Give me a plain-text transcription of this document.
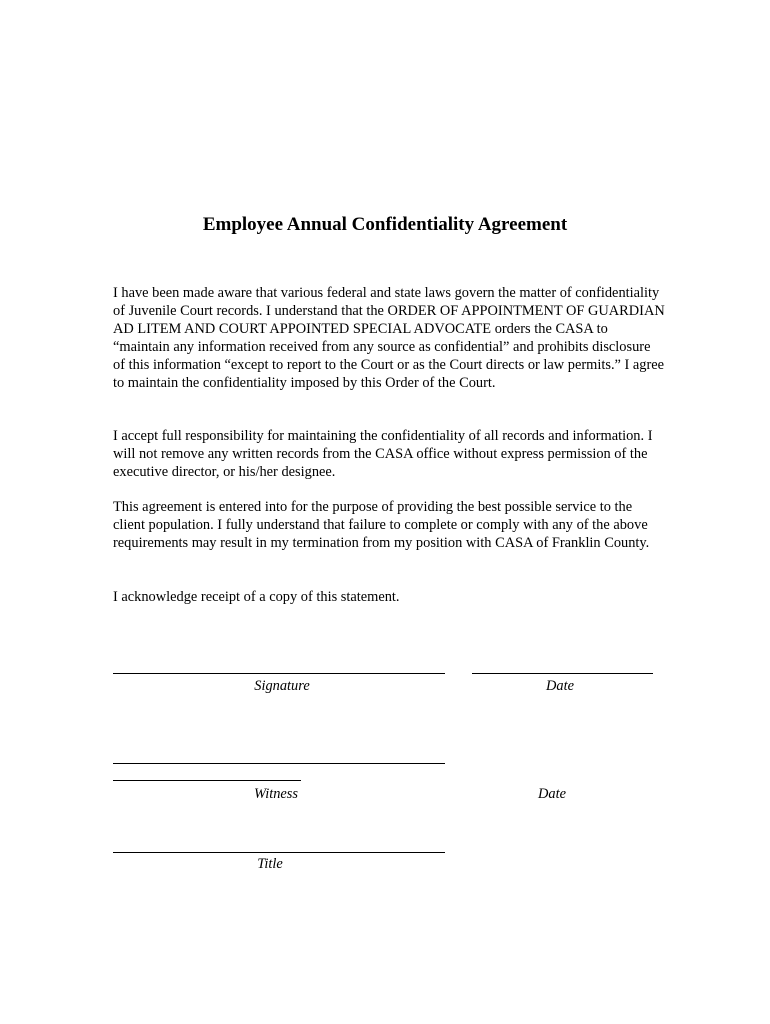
Employee Annual Confidentiality Agreement

I have been made aware that various federal and state laws govern the matter of confidentiality of Juvenile Court records. I understand that the ORDER OF APPOINTMENT OF GUARDIAN AD LITEM AND COURT APPOINTED SPECIAL ADVOCATE orders the CASA to “maintain any information received from any source as confidential” and prohibits disclosure of this information “except to report to the Court or as the Court directs or law permits.” I agree to maintain the confidentiality imposed by this Order of the Court.

I accept full responsibility for maintaining the confidentiality of all records and information. I will not remove any written records from the CASA office without express permission of the executive director, or his/her designee.

This agreement is entered into for the purpose of providing the best possible service to the client population. I fully understand that failure to complete or comply with any of the above requirements may result in my termination from my position with CASA of Franklin County.

I acknowledge receipt of a copy of this statement.

Signature	Date
Witness	Date
Title
